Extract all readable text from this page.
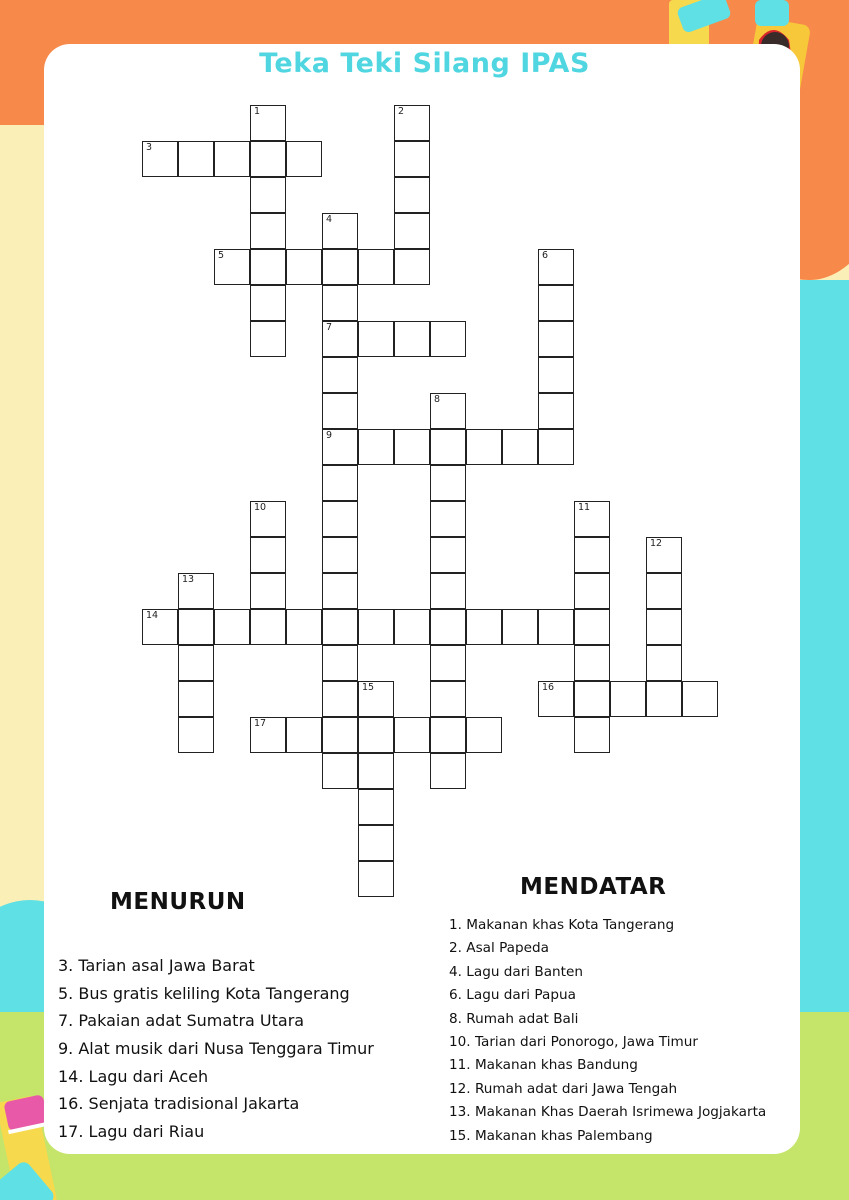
Teka Teki Silang IPAS
1	2
3
4
7
9
5	6
8
10	11
12
13
14
15	16
17
MENURUN
MENDATAR
3. Tarian asal Jawa Barat
5. Bus gratis keliling Kota Tangerang
7. Pakaian adat Sumatra Utara
9. Alat musik dari Nusa Tenggara Timur
14. Lagu dari Aceh
16. Senjata tradisional Jakarta
17. Lagu dari Riau
1. Makanan khas Kota Tangerang
2. Asal Papeda
4. Lagu dari Banten
6. Lagu dari Papua
8. Rumah adat Bali
10. Tarian dari Ponorogo, Jawa Timur
11. Makanan khas Bandung
12. Rumah adat dari Jawa Tengah
13. Makanan Khas Daerah Isrimewa Jogjakarta
15. Makanan khas Palembang
